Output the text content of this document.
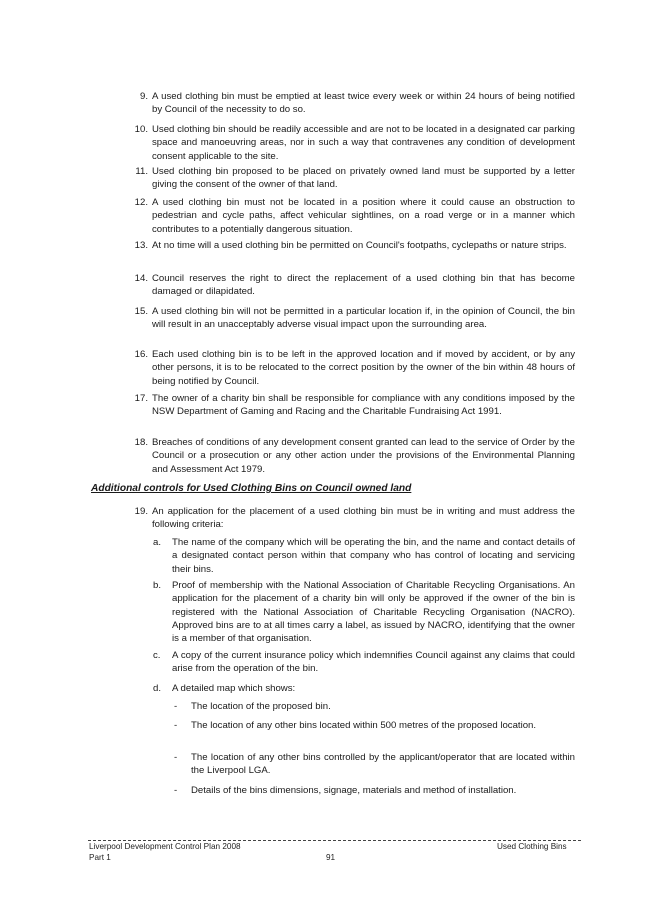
9. A used clothing bin must be emptied at least twice every week or within 24 hours of being notified by Council of the necessity to do so.
10. Used clothing bin should be readily accessible and are not to be located in a designated car parking space and manoeuvring areas, nor in such a way that contravenes any condition of development consent applicable to the site.
11. Used clothing bin proposed to be placed on privately owned land must be supported by a letter giving the consent of the owner of that land.
12. A used clothing bin must not be located in a position where it could cause an obstruction to pedestrian and cycle paths, affect vehicular sightlines, on a road verge or in a manner which contributes to a potentially dangerous situation.
13. At no time will a used clothing bin be permitted on Council's footpaths, cyclepaths or nature strips.
14. Council reserves the right to direct the replacement of a used clothing bin that has become damaged or dilapidated.
15. A used clothing bin will not be permitted in a particular location if, in the opinion of Council, the bin will result in an unacceptably adverse visual impact upon the surrounding area.
16. Each used clothing bin is to be left in the approved location and if moved by accident, or by any other persons, it is to be relocated to the correct position by the owner of the bin within 48 hours of being notified by Council.
17. The owner of a charity bin shall be responsible for compliance with any conditions imposed by the NSW Department of Gaming and Racing and the Charitable Fundraising Act 1991.
18. Breaches of conditions of any development consent granted can lead to the service of Order by the Council or a prosecution or any other action under the provisions of the Environmental Planning and Assessment Act 1979.
Additional controls for Used Clothing Bins on Council owned land
19. An application for the placement of a used clothing bin must be in writing and must address the following criteria:
a.	The name of the company which will be operating the bin, and the name and contact details of a designated contact person within that company who has control of locating and servicing their bins.
b.	Proof of membership with the National Association of Charitable Recycling Organisations. An application for the placement of a charity bin will only be approved if the owner of the bin is registered with the National Association of Charitable Recycling Organisation (NACRO). Approved bins are to at all times carry a label, as issued by NACRO, identifying that the owner is a member of that organisation.
c.	A copy of the current insurance policy which indemnifies Council against any claims that could arise from the operation of the bin.
d.	A detailed map which shows:
- The location of the proposed bin.
- The location of any other bins located within 500 metres of the proposed location.
- The location of any other bins controlled by the applicant/operator that are located within the Liverpool LGA.
- Details of the bins dimensions, signage, materials and method of installation.
Liverpool Development Control Plan 2008
Part 1	91
Used Clothing Bins
